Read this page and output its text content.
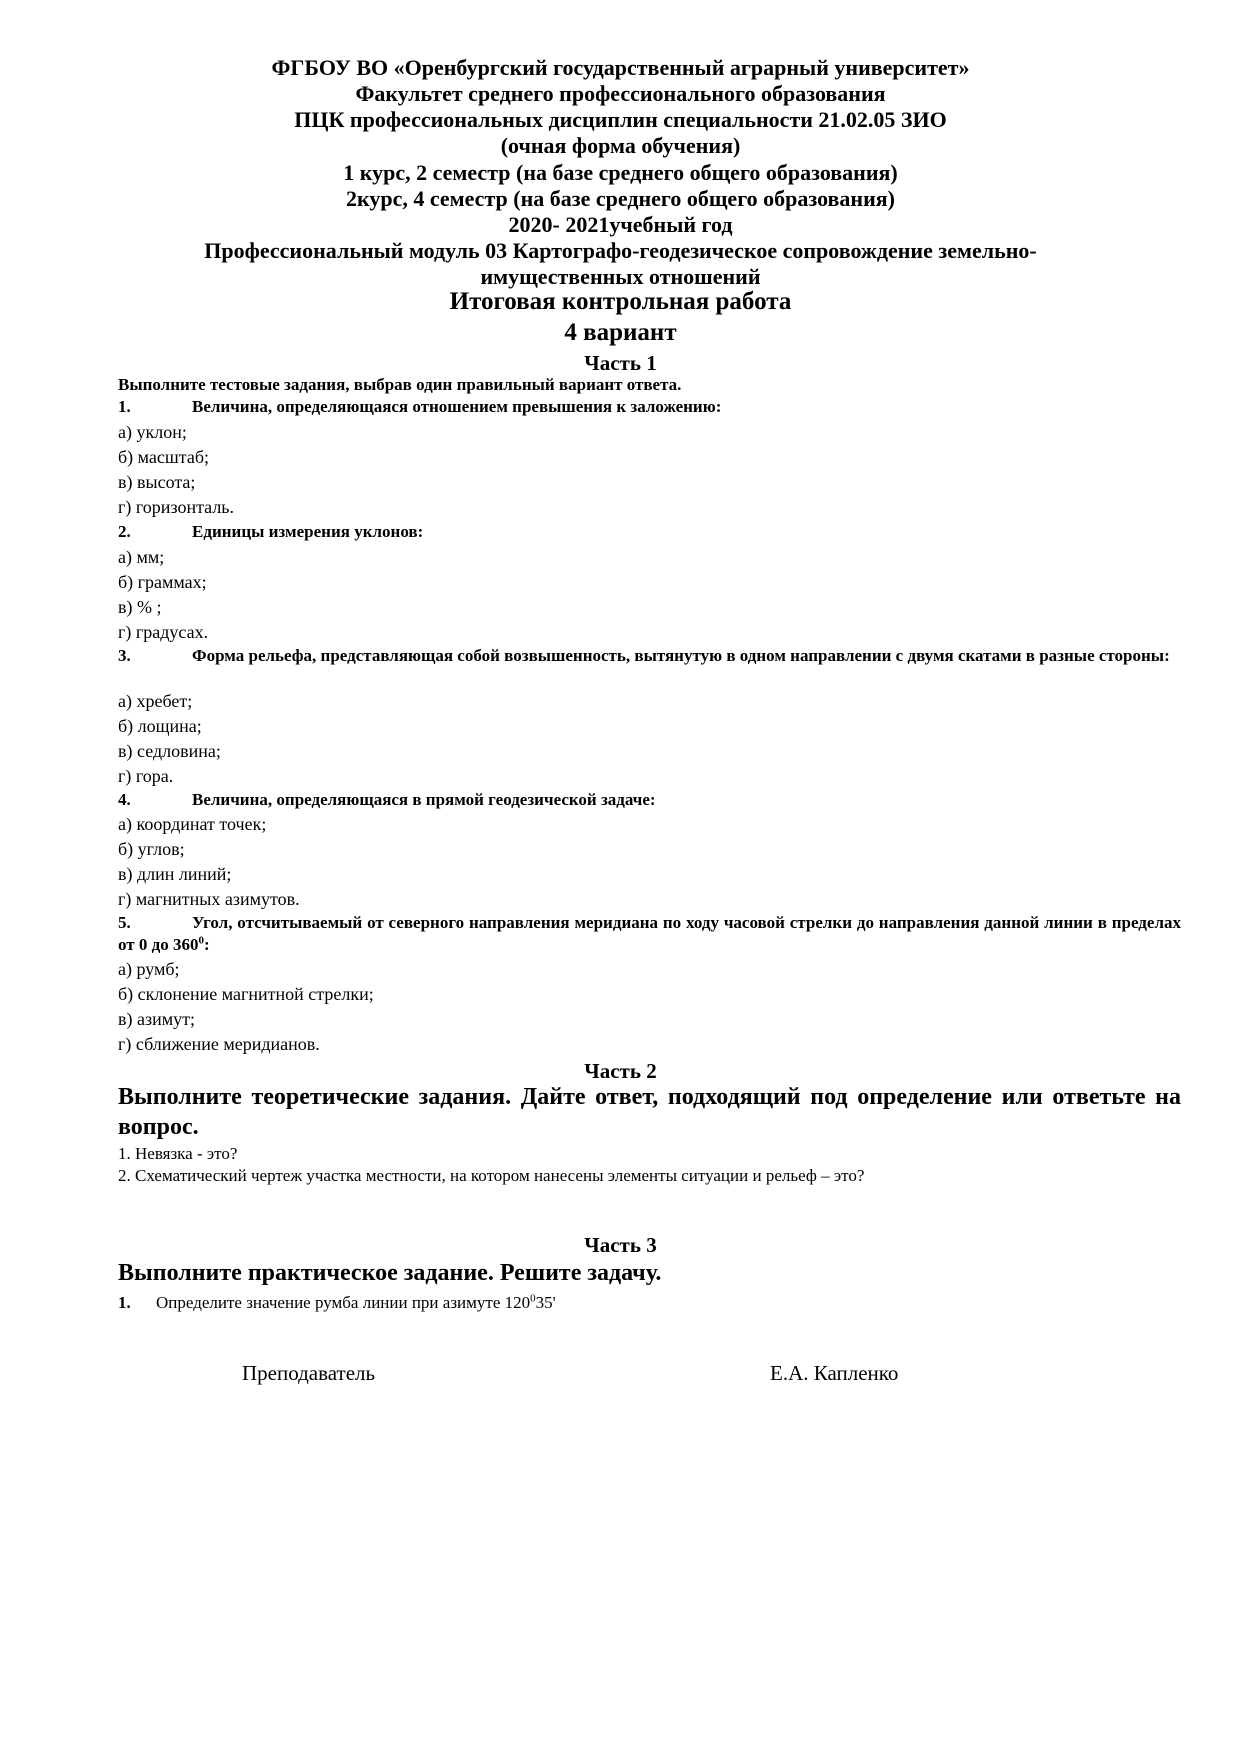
ФГБОУ ВО «Оренбургский государственный аграрный университет»
Факультет среднего профессионального образования
ПЦК профессиональных дисциплин специальности 21.02.05 ЗИО
(очная форма обучения)
1 курс, 2 семестр (на базе среднего общего образования)
2курс, 4 семестр (на базе среднего общего образования)
2020- 2021учебный год
Профессиональный модуль 03 Картографо-геодезическое сопровождение земельно-
имущественных отношений
Итоговая контрольная работа
4 вариант
Часть 1
Выполните тестовые задания, выбрав один правильный вариант ответа.
1.	Величина, определяющаяся отношением превышения к заложению:
а) уклон;
б) масштаб;
в) высота;
г) горизонталь.
2.	Единицы измерения уклонов:
а) мм;
б) граммах;
в) % ;
г) градусах.
3.	Форма рельефа, представляющая собой возвышенность, вытянутую в одном направлении с двумя скатами в разные стороны:
а) хребет;
б) лощина;
в) седловина;
г) гора.
4.	Величина, определяющаяся в прямой геодезической задаче:
а) координат точек;
б) углов;
в) длин линий;
г) магнитных азимутов.
5.	Угол, отсчитываемый от северного направления меридиана по ходу часовой стрелки до направления данной линии в пределах от 0 до $360^0$:
а) румб;
б) склонение магнитной стрелки;
в) азимут;
г) сближение меридианов.
Часть 2
Выполните теоретические задания. Дайте ответ, подходящий под определение или ответьте на вопрос.
1. Невязка - это?
2. Схематический чертеж участка местности, на котором нанесены элементы ситуации и рельеф – это?
Часть 3
Выполните практическое задание. Решите задачу.
1. Определите значение румба линии при азимуте $120^035'$
Преподаватель	Е.А. Капленко
